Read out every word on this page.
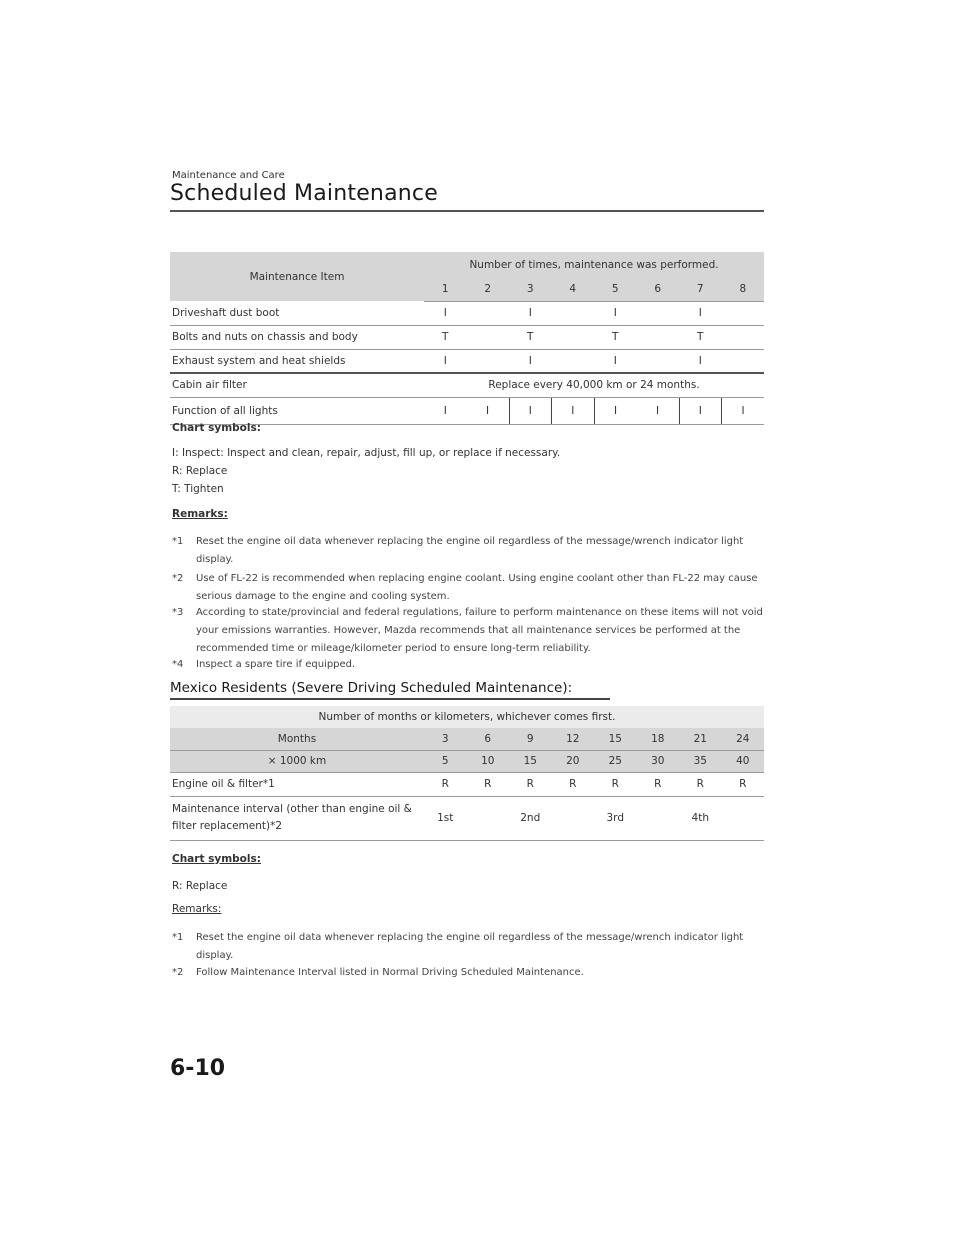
Maintenance and Care
Scheduled Maintenance
Maintenance Item	Number of times, maintenance was performed.							
	1	2	3	4	5	6	7	8
Driveshaft dust boot	I		I		I		I	
Bolts and nuts on chassis and body	T		T		T		T	
Exhaust system and heat shields	I		I		I		I	
Cabin air filter	Replace every 40,000 km or 24 months.							
Function of all lights	I	I	I	I	I	I	I	I
Chart symbols:
I: Inspect: Inspect and clean, repair, adjust, fill up, or replace if necessary.
R: Replace
T: Tighten
Remarks:
*1 Reset the engine oil data whenever replacing the engine oil regardless of the message/wrench indicator light display.
*2 Use of FL-22 is recommended when replacing engine coolant. Using engine coolant other than FL-22 may cause serious damage to the engine and cooling system.
*3 According to state/provincial and federal regulations, failure to perform maintenance on these items will not void your emissions warranties. However, Mazda recommends that all maintenance services be performed at the recommended time or mileage/kilometer period to ensure long-term reliability.
*4 Inspect a spare tire if equipped.
Mexico Residents (Severe Driving Scheduled Maintenance):
Number of months or kilometers, whichever comes first.								
Months	3	6	9	12	15	18	21	24
× 1000 km	5	10	15	20	25	30	35	40
Engine oil & filter*1	R	R	R	R	R	R	R	R
Maintenance interval (other than engine oil & filter replacement)*2	1st		2nd		3rd		4th	
Chart symbols:
R: Replace
Remarks:
*1 Reset the engine oil data whenever replacing the engine oil regardless of the message/wrench indicator light display.
*2 Follow Maintenance Interval listed in Normal Driving Scheduled Maintenance.
6-10
